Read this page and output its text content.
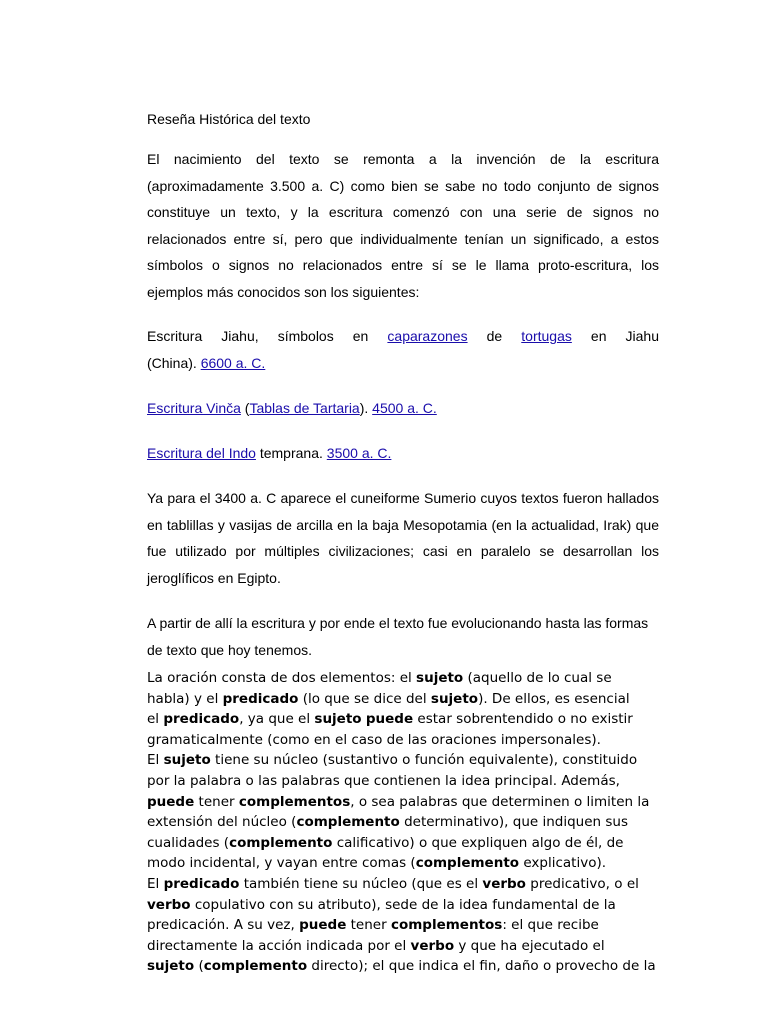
Reseña Histórica del texto

El nacimiento del texto se remonta a la invención de la escritura (aproximadamente 3.500 a. C) como bien se sabe no todo conjunto de signos constituye un texto, y la escritura comenzó con una serie de signos no relacionados entre sí, pero que individualmente tenían un significado, a estos símbolos o signos no relacionados entre sí se le llama proto-escritura, los ejemplos más conocidos son los siguientes:

Escritura Jiahu, símbolos en caparazones de tortugas en Jiahu
(China). 6600 a. C.

Escritura Vinča (Tablas de Tartaria). 4500 a. C.

Escritura del Indo temprana. 3500 a. C.

Ya para el 3400 a. C aparece el cuneiforme Sumerio cuyos textos fueron hallados en tablillas y vasijas de arcilla en la baja Mesopotamia (en la actualidad, Irak) que fue utilizado por múltiples civilizaciones; casi en paralelo se desarrollan los jeroglíficos en Egipto.

A partir de allí la escritura y por ende el texto fue evolucionando hasta las formas de texto que hoy tenemos.

La oración consta de dos elementos: el sujeto (aquello de lo cual se
habla) y el predicado (lo que se dice del sujeto). De ellos, es esencial
el predicado, ya que el sujeto puede estar sobrentendido o no existir
gramaticalmente (como en el caso de las oraciones impersonales).
El sujeto tiene su núcleo (sustantivo o función equivalente), constituido
por la palabra o las palabras que contienen la idea principal. Además,
puede tener complementos, o sea palabras que determinen o limiten la
extensión del núcleo (complemento determinativo), que indiquen sus
cualidades (complemento calificativo) o que expliquen algo de él, de
modo incidental, y vayan entre comas (complemento explicativo).
El predicado también tiene su núcleo (que es el verbo predicativo, o el
verbo copulativo con su atributo), sede de la idea fundamental de la
predicación. A su vez, puede tener complementos: el que recibe
directamente la acción indicada por el verbo y que ha ejecutado el
sujeto (complemento directo); el que indica el fin, daño o provecho de la
